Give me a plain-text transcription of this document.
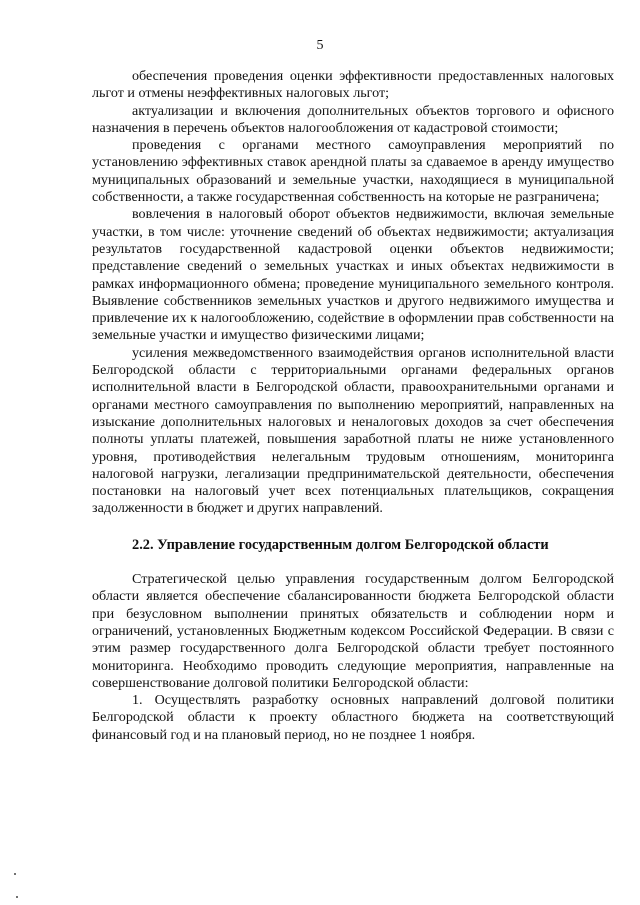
5

обеспечения проведения оценки эффективности предоставленных налоговых льгот и отмены неэффективных налоговых льгот;

актуализации и включения дополнительных объектов торгового и офисного назначения в перечень объектов налогообложения от кадастровой стоимости;

проведения с органами местного самоуправления мероприятий по установлению эффективных ставок арендной платы за сдаваемое в аренду имущество муниципальных образований и земельные участки, находящиеся в муниципальной собственности, а также государственная собственность на которые не разграничена;

вовлечения в налоговый оборот объектов недвижимости, включая земельные участки, в том числе: уточнение сведений об объектах недвижимости; актуализация результатов государственной кадастровой оценки объектов недвижимости; представление сведений о земельных участках и иных объектах недвижимости в рамках информационного обмена; проведение муниципального земельного контроля. Выявление собственников земельных участков и другого недвижимого имущества и привлечение их к налогообложению, содействие в оформлении прав собственности на земельные участки и имущество физическими лицами;

усиления межведомственного взаимодействия органов исполнительной власти Белгородской области с территориальными органами федеральных органов исполнительной власти в Белгородской области, правоохранительными органами и органами местного самоуправления по выполнению мероприятий, направленных на изыскание дополнительных налоговых и неналоговых доходов за счет обеспечения полноты уплаты платежей, повышения заработной платы не ниже установленного уровня, противодействия нелегальным трудовым отношениям, мониторинга налоговой нагрузки, легализации предпринимательской деятельности, обеспечения постановки на налоговый учет всех потенциальных плательщиков, сокращения задолженности в бюджет и других направлений.

2.2. Управление государственным долгом Белгородской области

Стратегической целью управления государственным долгом Белгородской области является обеспечение сбалансированности бюджета Белгородской области при безусловном выполнении принятых обязательств и соблюдении норм и ограничений, установленных Бюджетным кодексом Российской Федерации. В связи с этим размер государственного долга Белгородской области требует постоянного мониторинга. Необходимо проводить следующие мероприятия, направленные на совершенствование долговой политики Белгородской области:

1. Осуществлять разработку основных направлений долговой политики Белгородской области к проекту областного бюджета на соответствующий финансовый год и на плановый период, но не позднее 1 ноября.
